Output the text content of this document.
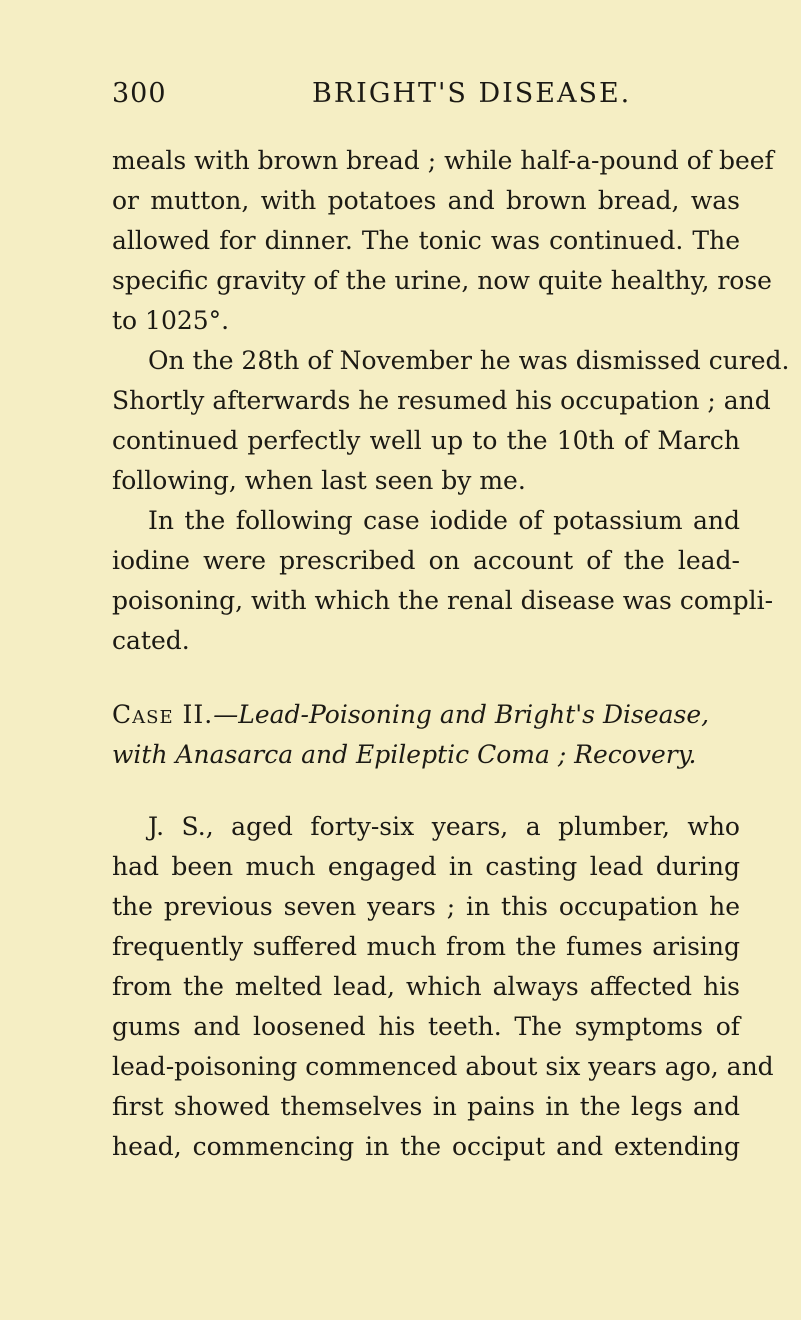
300	BRIGHT'S DISEASE.
meals with brown bread ; while half-a-pound of beef
or mutton, with potatoes and brown bread, was
allowed for dinner. The tonic was continued. The
specific gravity of the urine, now quite healthy, rose
to 1025°.
On the 28th of November he was dismissed cured.
Shortly afterwards he resumed his occupation ; and
continued perfectly well up to the 10th of March
following, when last seen by me.
In the following case iodide of potassium and
iodine were prescribed on account of the lead-
poisoning, with which the renal disease was compli-
cated.
Case II.—Lead-Poisoning and Bright's Disease,
with Anasarca and Epileptic Coma ; Recovery.
J. S., aged forty-six years, a plumber, who
had been much engaged in casting lead during
the previous seven years ; in this occupation he
frequently suffered much from the fumes arising
from the melted lead, which always affected his
gums and loosened his teeth. The symptoms of
lead-poisoning commenced about six years ago, and
first showed themselves in pains in the legs and
head, commencing in the occiput and extending
